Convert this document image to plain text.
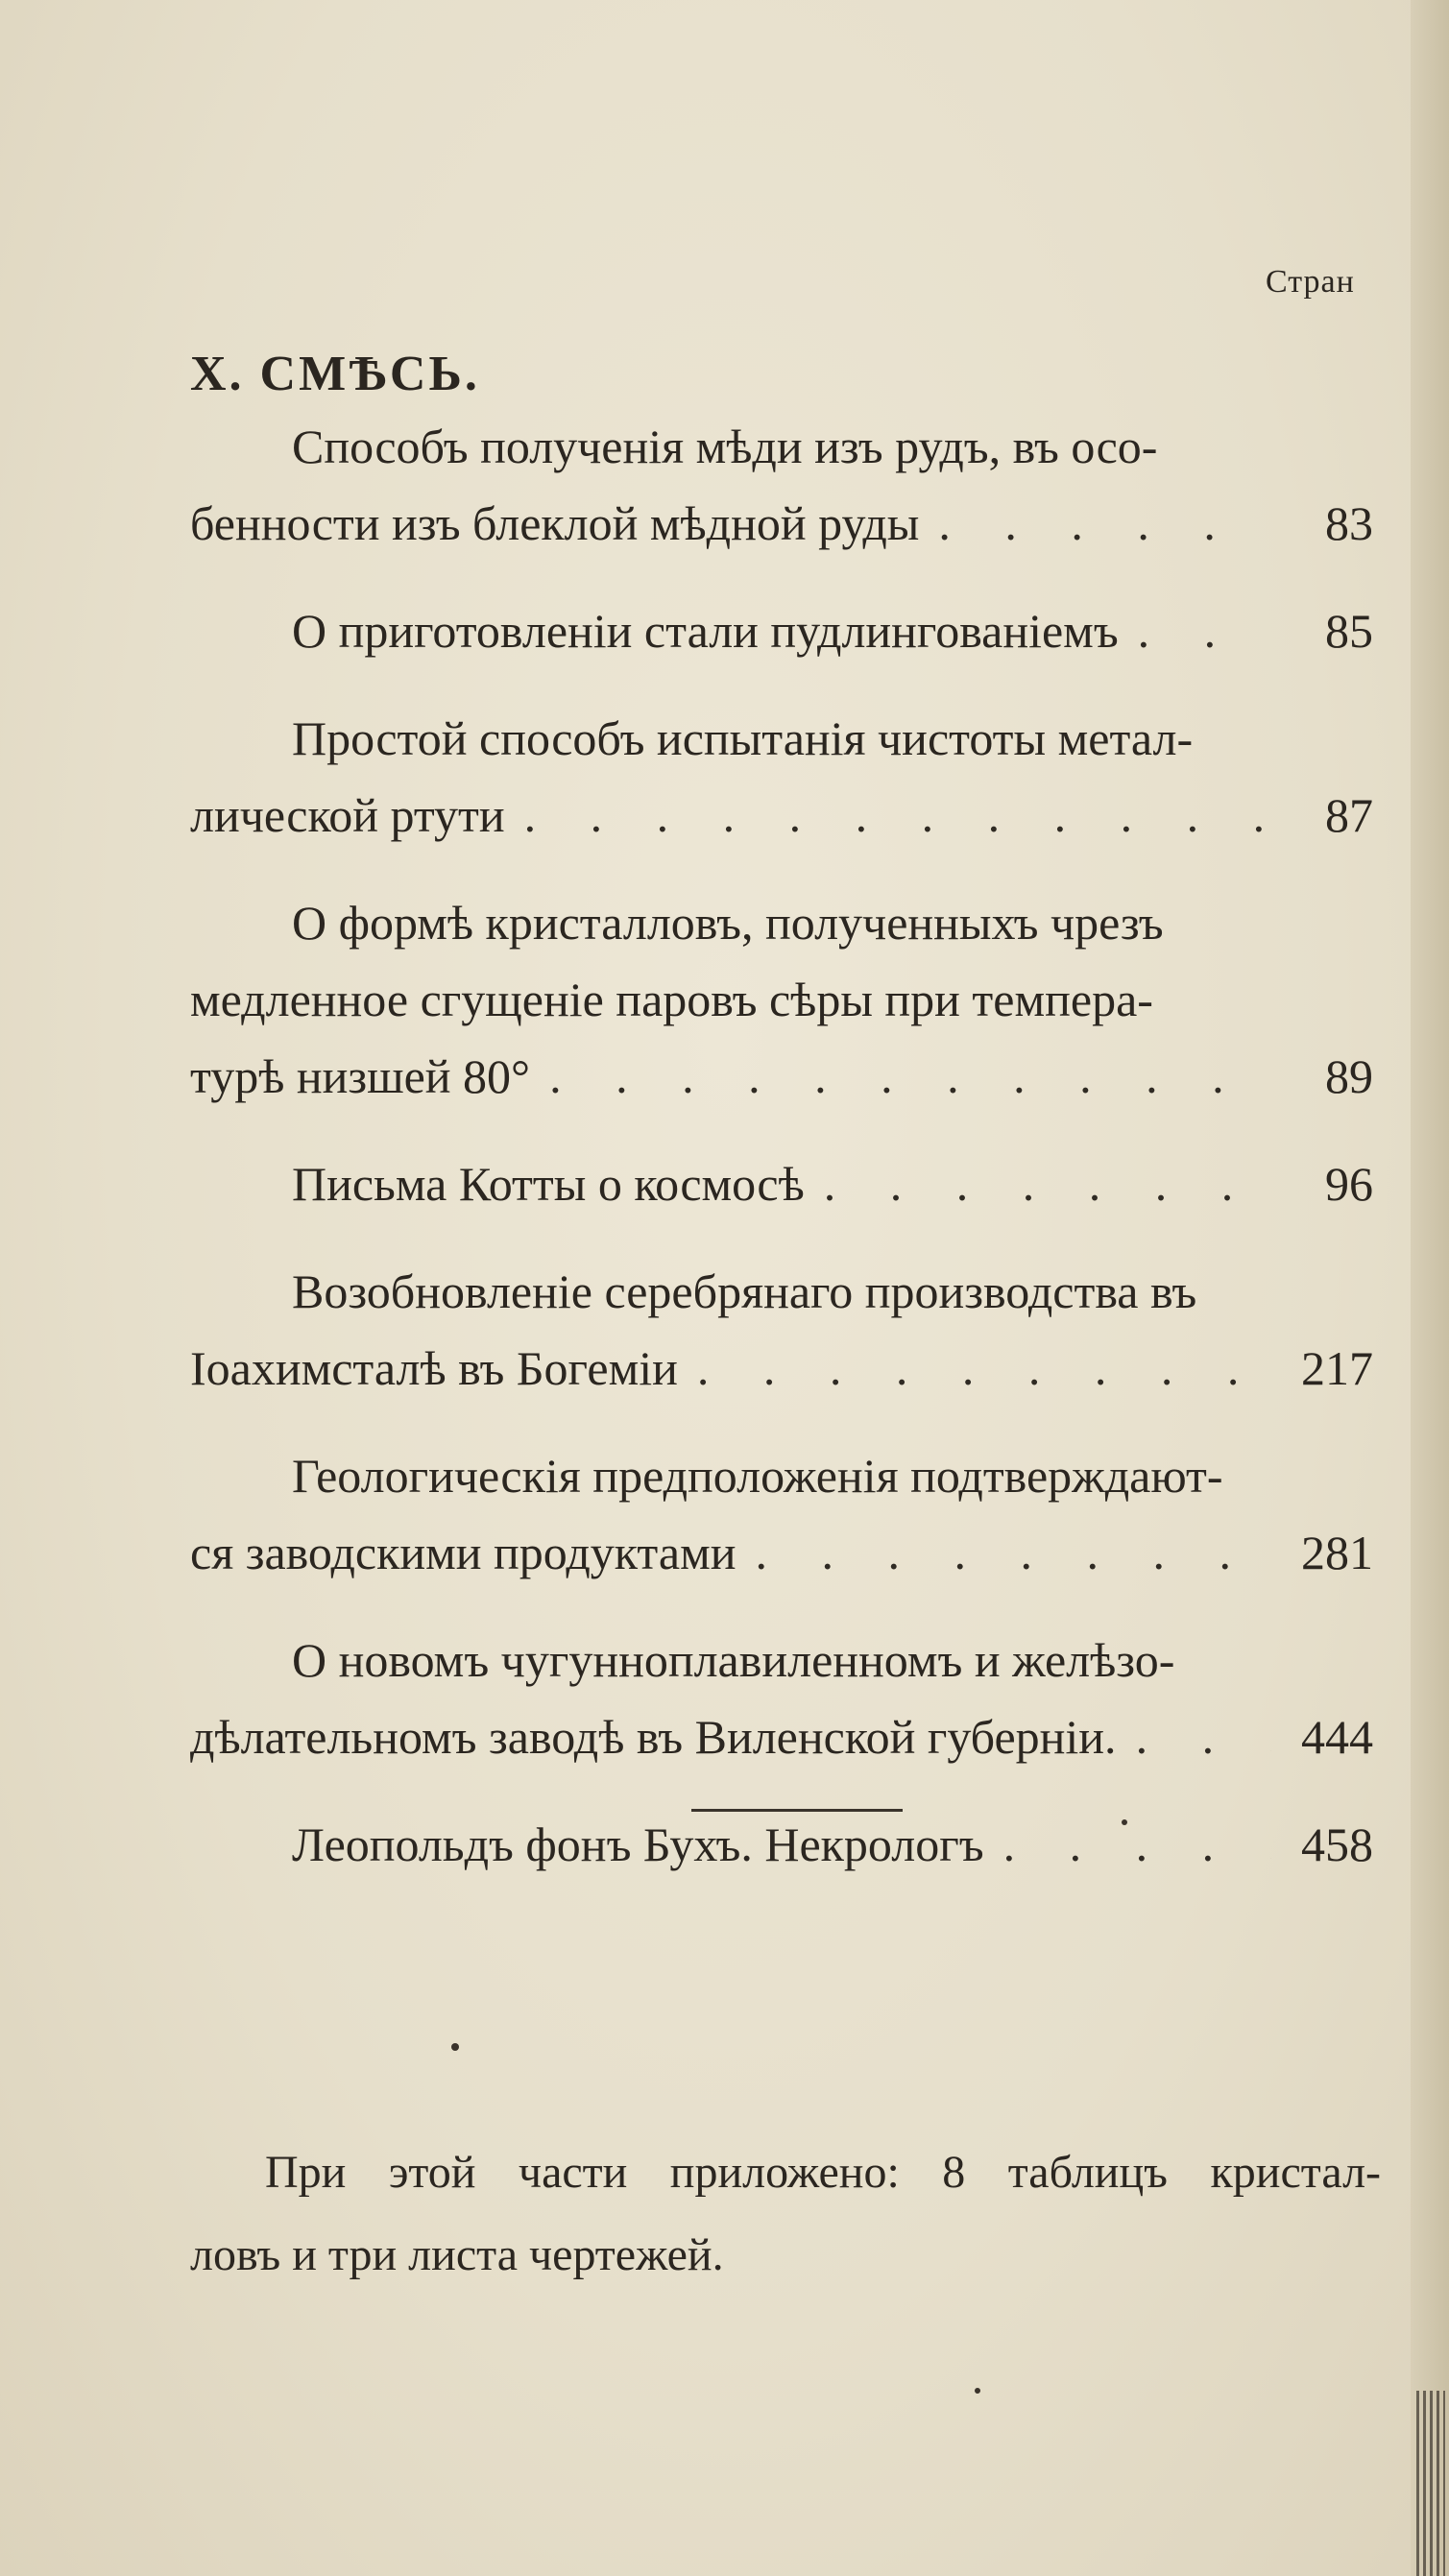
Стран
X. СМѢСЬ.
Способъ полученія мѣди изъ рудъ, въ осо-
бенности изъ блеклой мѣдной руды . . .	83
О приготовленіи стали пудлингованіемъ . . .	85
Простой способъ испытанія чистоты метал-
лической ртути . . .	87
О формѣ кристалловъ, полученныхъ чрезъ
медленное сгущеніе паровъ сѣры при темпера-
турѣ низшей 80° . . .	89
Письма Котты о космосѣ . . .	96
Возобновленіе серебрянаго производства въ
Іоахимсталѣ въ Богеміи . . .	217
Геологическія предположенія подтверждают-
ся заводскими продуктами . . .	281
О новомъ чугунноплавиленномъ и желѣзо-
дѣлательномъ заводѣ въ Виленской губерніи. . . .	444
Леопольдъ фонъ Бухъ. Некрологъ . . .	458
При этой части приложено: 8 таблицъ кристал-
ловъ и три листа чертежей.
